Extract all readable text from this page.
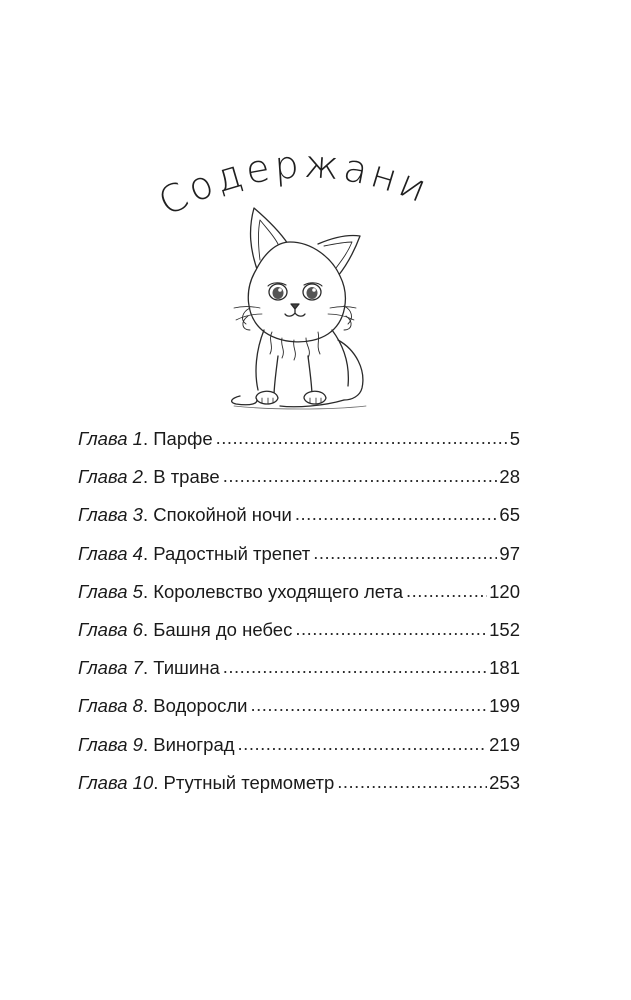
Содержание
Глава 1 . Парфе .....	5
Глава 2 . В траве .....	28
Глава 3 . Спокойной ночи .....	65
Глава 4 . Радостный трепет .....	97
Глава 5 . Королевство уходящего лета .....	120
Глава 6 . Башня до небес .....	152
Глава 7 . Тишина .....	181
Глава 8 . Водоросли .....	199
Глава 9 . Виноград .....	219
Глава 10 . Ртутный термометр .....	253
